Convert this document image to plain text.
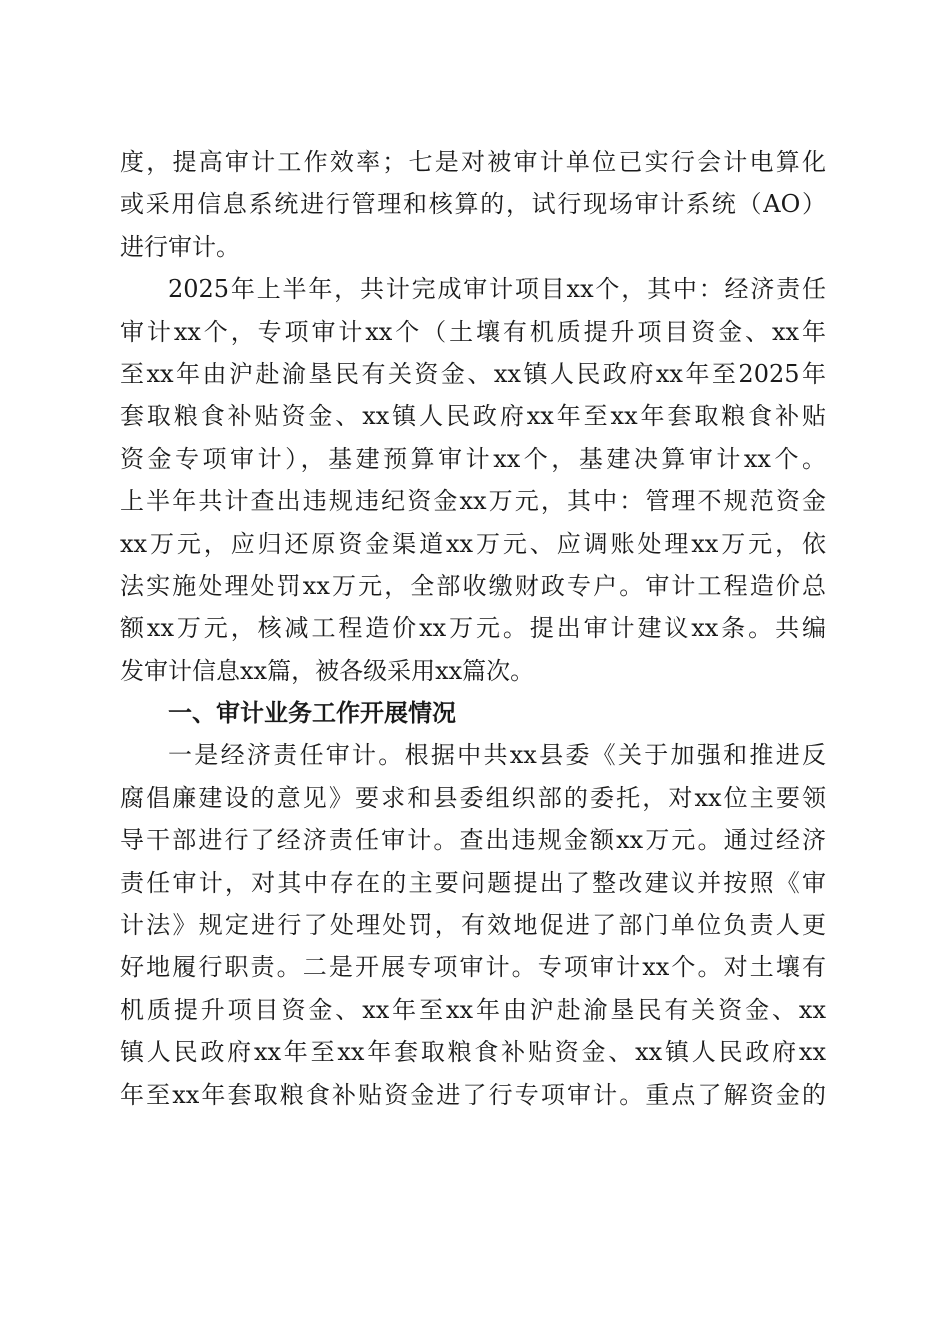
度，提高审计工作效率；七是对被审计单位已实行会计电算化
或采用信息系统进行管理和核算的，试行现场审计系统（AO）
进行审计。
2025年上半年，共计完成审计项目xx个，其中：经济责任
审计xx个，专项审计xx个（土壤有机质提升项目资金、xx年
至xx年由沪赴渝垦民有关资金、xx镇人民政府xx年至2025年
套取粮食补贴资金、xx镇人民政府xx年至xx年套取粮食补贴
资金专项审计），基建预算审计xx个，基建决算审计xx个。
上半年共计查出违规违纪资金xx万元，其中：管理不规范资金
xx万元，应归还原资金渠道xx万元、应调账处理xx万元，依
法实施处理处罚xx万元，全部收缴财政专户。审计工程造价总
额xx万元，核减工程造价xx万元。提出审计建议xx条。共编
发审计信息xx篇，被各级采用xx篇次。
一、审计业务工作开展情况
一是经济责任审计。根据中共xx县委《关于加强和推进反
腐倡廉建设的意见》要求和县委组织部的委托，对xx位主要领
导干部进行了经济责任审计。查出违规金额xx万元。通过经济
责任审计，对其中存在的主要问题提出了整改建议并按照《审
计法》规定进行了处理处罚，有效地促进了部门单位负责人更
好地履行职责。二是开展专项审计。专项审计xx个。对土壤有
机质提升项目资金、xx年至xx年由沪赴渝垦民有关资金、xx
镇人民政府xx年至xx年套取粮食补贴资金、xx镇人民政府xx
年至xx年套取粮食补贴资金进了行专项审计。重点了解资金的
